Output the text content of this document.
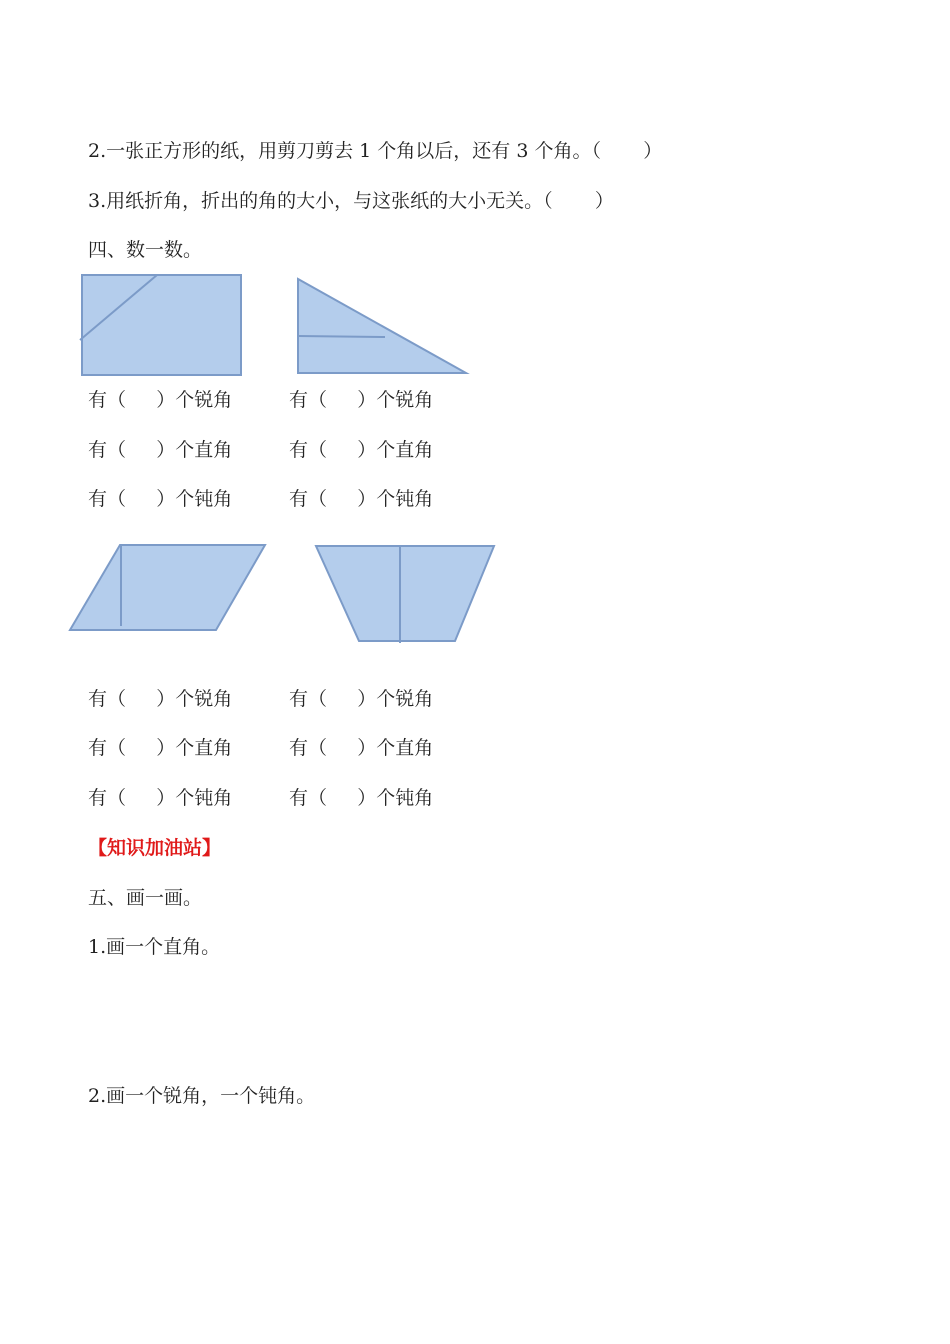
2.一张正方形的纸，用剪刀剪去 1 个角以后，还有 3 个角。（       ）
3.用纸折角，折出的角的大小，与这张纸的大小无关。（       ）
四、数一数。
有（     ）个锐角	有（     ）个锐角
有（     ）个直角	有（     ）个直角
有（     ）个钝角	有（     ）个钝角
有（     ）个锐角	有（     ）个锐角
有（     ）个直角	有（     ）个直角
有（     ）个钝角	有（     ）个钝角
【知识加油站】
五、画一画。
1.画一个直角。
2.画一个锐角，一个钝角。
